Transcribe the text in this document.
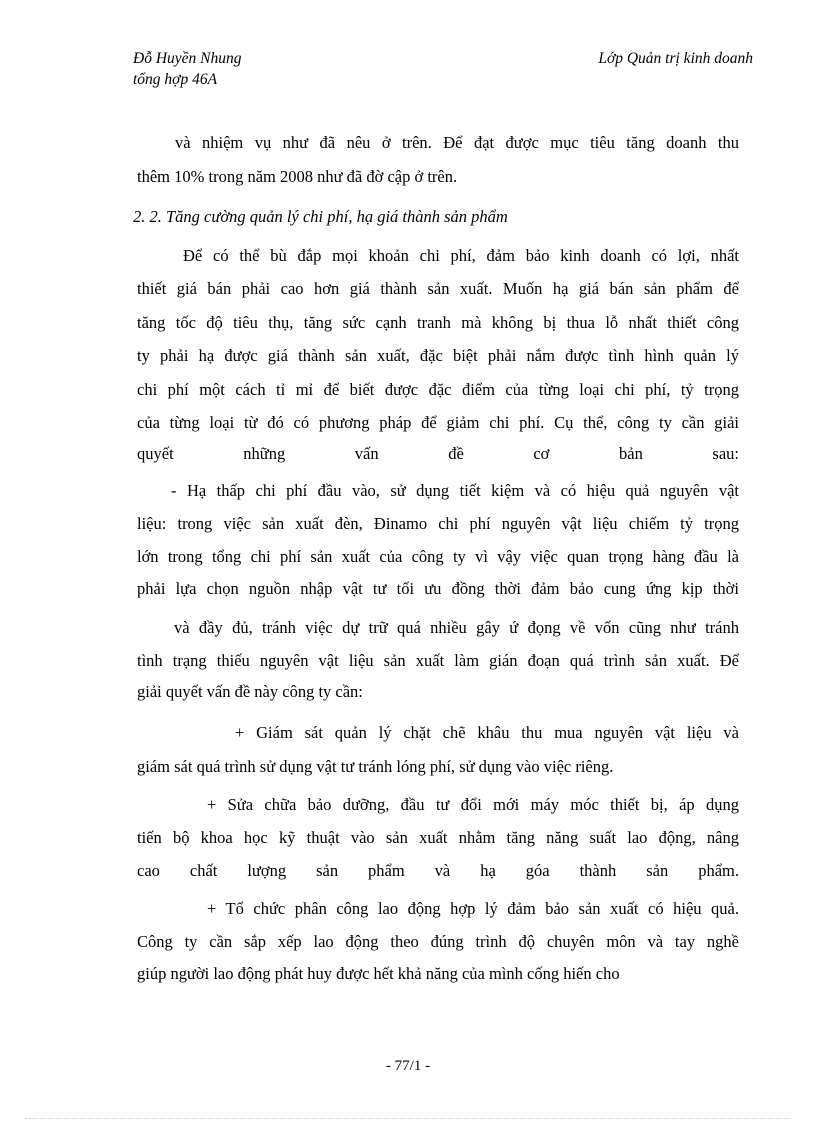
Đỗ Huyền Nhung
tổng hợp 46A
Lớp Quản trị kinh doanh
và nhiệm vụ như đã nêu ở trên. Để đạt được mục tiêu tăng doanh thu
thêm 10% trong năm 2008 như đã đờ cập ở trên.
2. 2. Tăng cường quản lý chi phí, hạ giá thành sản phẩm
Để có thể bù đắp mọi khoản chi phí, đảm bảo kinh doanh có lợi, nhất
thiết giá bán phải cao hơn giá thành sản xuất. Muốn hạ giá bán sản phẩm để
tăng tốc độ tiêu thụ, tăng sức cạnh tranh mà không bị thua lỗ nhất thiết công
ty phải hạ được giá thành sản xuất, đặc biệt phải nắm được tình hình quản lý
chi phí một cách tỉ mỉ để biết được đặc điểm của từng loại chi phí, tỷ trọng
của từng loại từ đó có phương pháp để giảm chi phí. Cụ thể, công ty cần giải
quyết những vấn đề cơ bản sau:
- Hạ thấp chi phí đầu vào, sử dụng tiết kiệm và có hiệu quả nguyên vật
liệu: trong việc sản xuất đèn, Đinamo chi phí nguyên vật liệu chiếm tỷ trọng
lớn trong tổng chi phí sản xuất của công ty vì vậy việc quan trọng hàng đầu là
phải lựa chọn nguồn nhập vật tư tối ưu đồng thời đảm bảo cung ứng kịp thời
và đầy đủ, tránh việc dự trữ quá nhiều gây ứ đọng về vốn cũng như tránh
tình trạng thiếu nguyên vật liệu sản xuất làm gián đoạn quá trình sản xuất. Để
giải quyết vấn đề này công ty cần:
+ Giám sát quản lý chặt chẽ khâu thu mua nguyên vật liệu và
giám sát quá trình sử dụng vật tư tránh lóng phí, sử dụng vào việc riêng.
+ Sửa chữa bảo dưỡng, đầu tư đổi mới máy móc thiết bị, áp dụng
tiến bộ khoa học kỹ thuật vào sản xuất nhằm tăng năng suất lao động, nâng
cao chất lượng sản phẩm và hạ góa thành sản phẩm.
+ Tổ chức phân công lao động hợp lý đảm bảo sản xuất có hiệu quả.
Công ty cần sắp xếp lao động theo đúng trình độ chuyên môn và tay nghề
giúp người lao động phát huy được hết khả năng của mình cống hiến cho
- 77/1 -
